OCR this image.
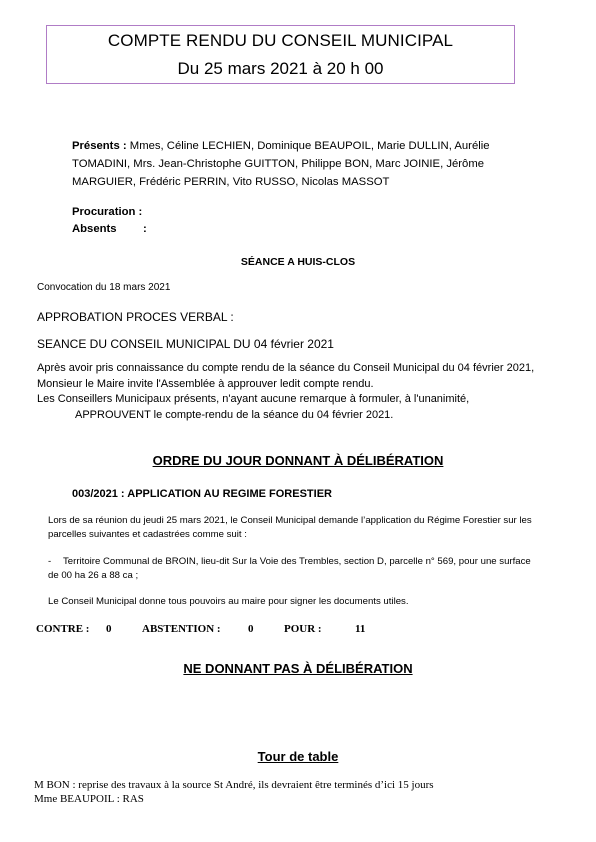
COMPTE RENDU DU CONSEIL MUNICIPAL
Du 25 mars 2021 à 20 h 00
Présents : Mmes, Céline LECHIEN, Dominique BEAUPOIL, Marie DULLIN, Aurélie
TOMADINI, Mrs. Jean-Christophe GUITTON, Philippe BON, Marc JOINIE, Jérôme
MARGUIER, Frédéric PERRIN, Vito RUSSO, Nicolas MASSOT
Procuration :
Absents :
SÉANCE A HUIS-CLOS
Convocation du 18 mars 2021
APPROBATION PROCES VERBAL :
SEANCE DU CONSEIL MUNICIPAL DU 04 février 2021
Après avoir pris connaissance du compte rendu de la séance du Conseil Municipal du 04 février 2021,
Monsieur le Maire invite l'Assemblée à approuver ledit compte rendu.
Les Conseillers Municipaux présents, n'ayant aucune remarque à formuler, à l'unanimité,
APPROUVENT le compte-rendu de la séance du 04 février 2021.
ORDRE DU JOUR DONNANT À DÉLIBÉRATION
003/2021 : APPLICATION AU REGIME FORESTIER
Lors de sa réunion du jeudi 25 mars 2021, le Conseil Municipal demande l’application du Régime Forestier sur les
parcelles suivantes et cadastrées comme suit :
- Territoire Communal de BROIN, lieu-dit Sur la Voie des Trembles, section D, parcelle n° 569, pour une surface
de 00 ha 26 a 88 ca ;
Le Conseil Municipal donne tous pouvoirs au maire pour signer les documents utiles.
CONTRE : 0	ABSTENTION : 0	POUR :	11
NE DONNANT PAS À DÉLIBÉRATION
Tour de table
M BON : reprise des travaux à la source St André, ils devraient être terminés d’ici 15 jours
Mme BEAUPOIL : RAS
